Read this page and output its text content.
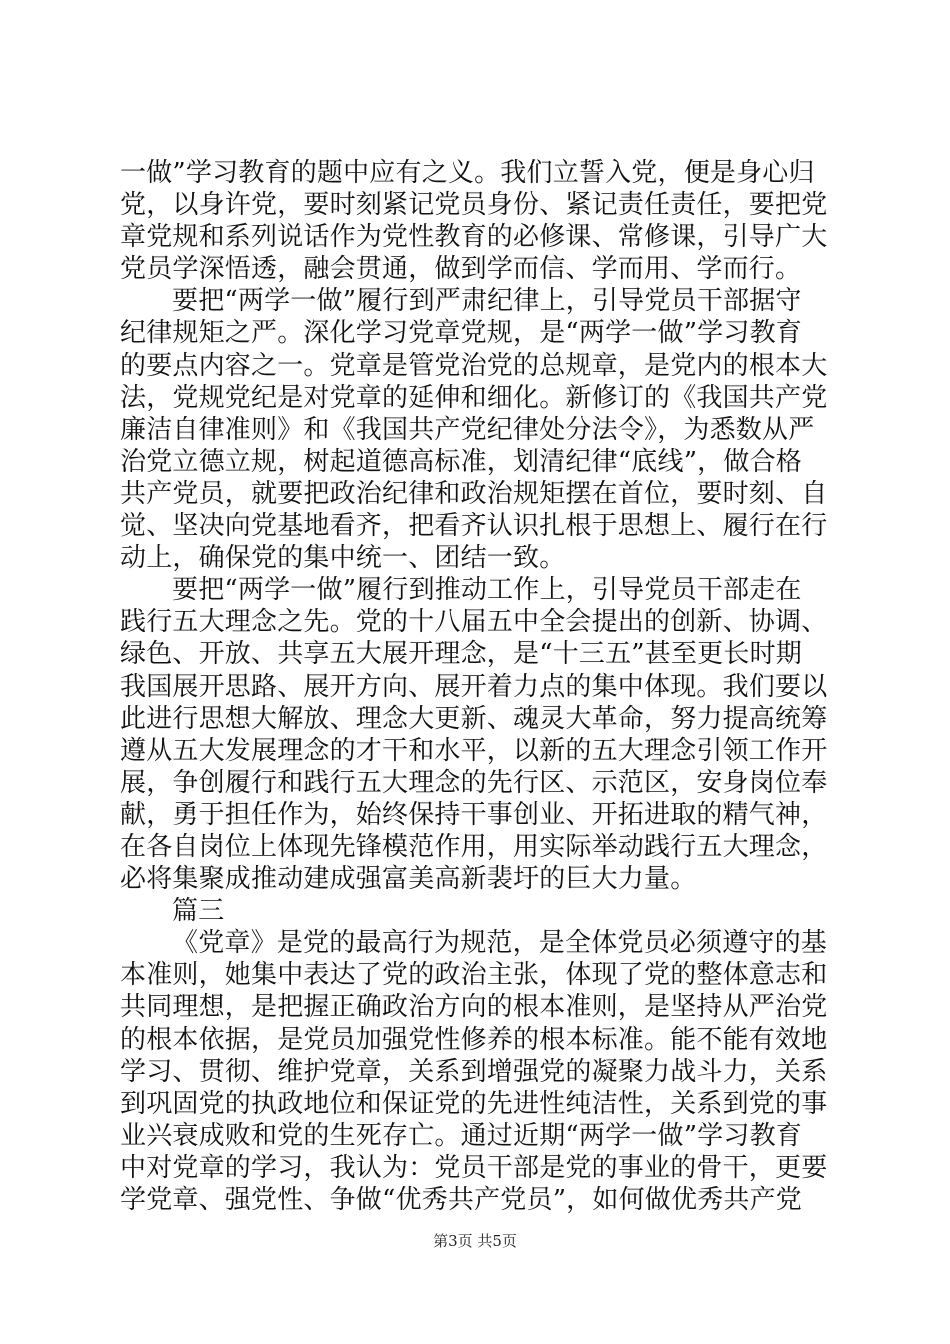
一做”学习教育的题中应有之义。我们立誓入党，便是身心归
党，以身许党，要时刻紧记党员身份、紧记责任责任，要把党
章党规和系列说话作为党性教育的必修课、常修课，引导广大
党员学深悟透，融会贯通，做到学而信、学而用、学而行。
要把“两学一做”履行到严肃纪律上，引导党员干部据守
纪律规矩之严。深化学习党章党规，是“两学一做”学习教育
的要点内容之一。党章是管党治党的总规章，是党内的根本大
法，党规党纪是对党章的延伸和细化。新修订的《我国共产党
廉洁自律准则》和《我国共产党纪律处分法令》，为悉数从严
治党立德立规，树起道德高标准，划清纪律“底线”，做合格
共产党员，就要把政治纪律和政治规矩摆在首位，要时刻、自
觉、坚决向党基地看齐，把看齐认识扎根于思想上、履行在行
动上，确保党的集中统一、团结一致。
要把“两学一做”履行到推动工作上，引导党员干部走在
践行五大理念之先。党的十八届五中全会提出的创新、协调、
绿色、开放、共享五大展开理念，是“十三五”甚至更长时期
我国展开思路、展开方向、展开着力点的集中体现。我们要以
此进行思想大解放、理念大更新、魂灵大革命，努力提高统筹
遵从五大发展理念的才干和水平，以新的五大理念引领工作开
展，争创履行和践行五大理念的先行区、示范区，安身岗位奉
献，勇于担任作为，始终保持干事创业、开拓进取的精气神，
在各自岗位上体现先锋模范作用，用实际举动践行五大理念，
必将集聚成推动建成强富美高新裴圩的巨大力量。
篇三
《党章》是党的最高行为规范，是全体党员必须遵守的基
本准则，她集中表达了党的政治主张，体现了党的整体意志和
共同理想，是把握正确政治方向的根本准则，是坚持从严治党
的根本依据，是党员加强党性修养的根本标准。能不能有效地
学习、贯彻、维护党章，关系到增强党的凝聚力战斗力，关系
到巩固党的执政地位和保证党的先进性纯洁性，关系到党的事
业兴衰成败和党的生死存亡。通过近期“两学一做”学习教育
中对党章的学习，我认为：党员干部是党的事业的骨干，更要
学党章、强党性、争做“优秀共产党员”，如何做优秀共产党
第3页 共5页
